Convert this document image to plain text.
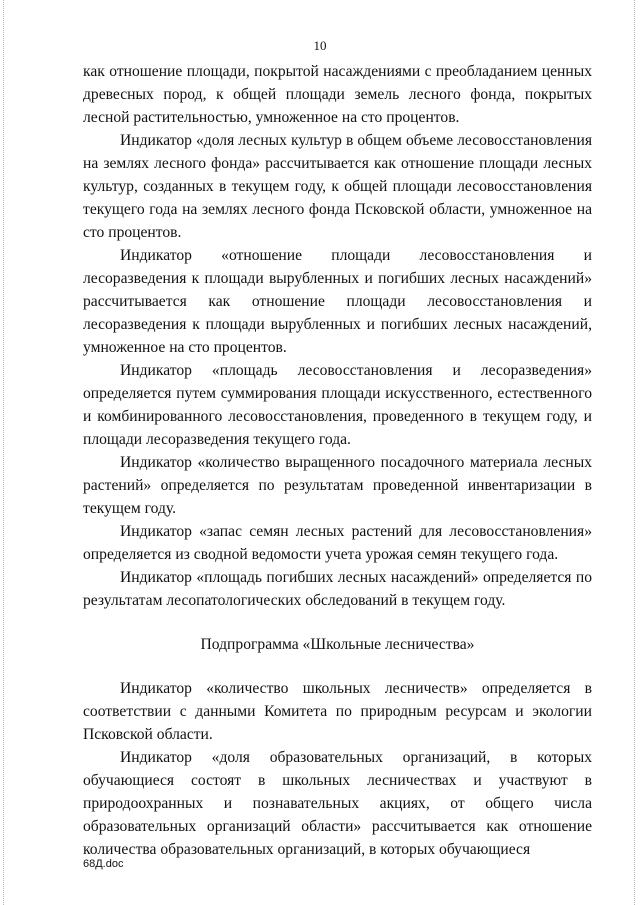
10

как отношение площади, покрытой насаждениями с преобладанием ценных древесных пород, к общей площади земель лесного фонда, покрытых лесной растительностью, умноженное на сто процентов.

Индикатор «доля лесных культур в общем объеме лесовосстановления на землях лесного фонда» рассчитывается как отношение площади лесных культур, созданных в текущем году, к общей площади лесовосстановления текущего года на землях лесного фонда Псковской области, умноженное на сто процентов.

Индикатор «отношение площади лесовосстановления и лесоразведения к площади вырубленных и погибших лесных насаждений» рассчитывается как отношение площади лесовосстановления и лесоразведения к площади вырубленных и погибших лесных насаждений, умноженное на сто процентов.

Индикатор «площадь лесовосстановления и лесоразведения» определяется путем суммирования площади искусственного, естественного и комбинированного лесовосстановления, проведенного в текущем году, и площади лесоразведения текущего года.

Индикатор «количество выращенного посадочного материала лесных растений» определяется по результатам проведенной инвентаризации в текущем году.

Индикатор «запас семян лесных растений для лесовосстановления» определяется из сводной ведомости учета урожая семян текущего года.

Индикатор «площадь погибших лесных насаждений» определяется по результатам лесопатологических обследований в текущем году.

Подпрограмма «Школьные лесничества»

Индикатор «количество школьных лесничеств» определяется в соответствии с данными Комитета по природным ресурсам и экологии Псковской области.

Индикатор «доля образовательных организаций, в которых обучающиеся состоят в школьных лесничествах и участвуют в природоохранных и познавательных акциях, от общего числа образовательных организаций области» рассчитывается как отношение количества образовательных организаций, в которых обучающиеся

68Д.doc
